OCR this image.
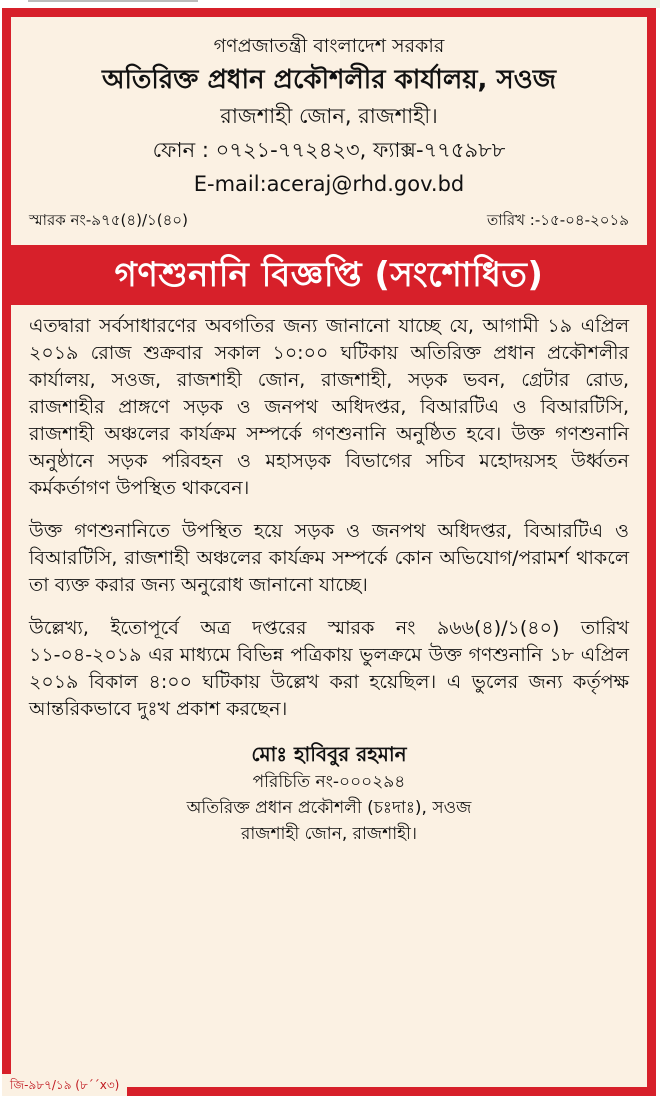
গণপ্রজাতন্ত্রী বাংলাদেশ সরকার
অতিরিক্ত প্রধান প্রকৌশলীর কার্যালয়, সওজ
রাজশাহী জোন, রাজশাহী।
ফোন : ০৭২১-৭৭২৪২৩, ফ্যাক্স-৭৭৫৯৮৮
E-mail:aceraj@rhd.gov.bd
স্মারক নং-৯৭৫(৪)/১(৪০)	তারিখ :-১৫-০৪-২০১৯
গণশুনানি বিজ্ঞপ্তি (সংশোধিত)

এতদ্বারা সর্বসাধারণের অবগতির জন্য জানানো যাচ্ছে যে, আগামী ১৯ এপ্রিল ২০১৯ রোজ শুক্রবার সকাল ১০:০০ ঘটিকায় অতিরিক্ত প্রধান প্রকৌশলীর কার্যালয়, সওজ, রাজশাহী জোন, রাজশাহী, সড়ক ভবন, গ্রেটার রোড, রাজশাহীর প্রাঙ্গণে সড়ক ও জনপথ অধিদপ্তর, বিআরটিএ ও বিআরটিসি, রাজশাহী অঞ্চলের কার্যক্রম সম্পর্কে গণশুনানি অনুষ্ঠিত হবে। উক্ত গণশুনানি অনুষ্ঠানে সড়ক পরিবহন ও মহাসড়ক বিভাগের সচিব মহোদয়সহ উর্ধ্বতন কর্মকর্তাগণ উপস্থিত থাকবেন।

উক্ত গণশুনানিতে উপস্থিত হয়ে সড়ক ও জনপথ অধিদপ্তর, বিআরটিএ ও বিআরটিসি, রাজশাহী অঞ্চলের কার্যক্রম সম্পর্কে কোন অভিযোগ/পরামর্শ থাকলে তা ব্যক্ত করার জন্য অনুরোধ জানানো যাচ্ছে।

উল্লেখ্য, ইতোপূর্বে অত্র দপ্তরের স্মারক নং ৯৬৬(৪)/১(৪০) তারিখ ১১-০৪-২০১৯ এর মাধ্যমে বিভিন্ন পত্রিকায় ভুলক্রমে উক্ত গণশুনানি ১৮ এপ্রিল ২০১৯ বিকাল ৪:০০ ঘটিকায় উল্লেখ করা হয়েছিল। এ ভুলের জন্য কর্তৃপক্ষ আন্তরিকভাবে দুঃখ প্রকাশ করছেন।

মোঃ হাবিবুর রহমান
পরিচিতি নং-০০০২৯৪
অতিরিক্ত প্রধান প্রকৌশলী (চঃদাঃ), সওজ
রাজশাহী জোন, রাজশাহী।
জি-৯৮৭/১৯ (৮´´x৩)
